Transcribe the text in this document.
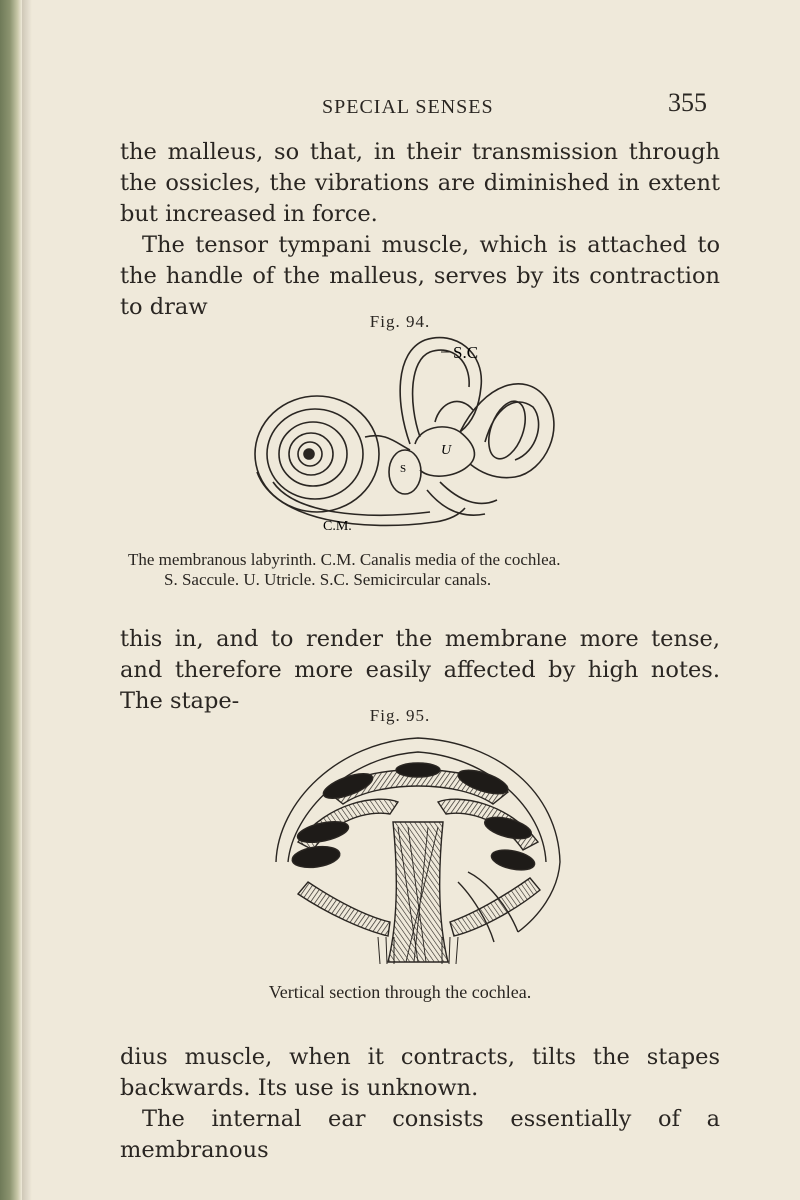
SPECIAL SENSES	355

the malleus, so that, in their transmission through the ossicles, the vibrations are diminished in extent but increased in force.

The tensor tympani muscle, which is attached to the handle of the malleus, serves by its contraction to draw

Fig. 94.
S.C
U
S
C.M.
The membranous labyrinth. C.M. Canalis media of the cochlea.
S. Saccule. U. Utricle. S.C. Semicircular canals.

this in, and to render the membrane more tense, and therefore more easily affected by high notes. The stape-

Fig. 95.
Vertical section through the cochlea.

dius muscle, when it contracts, tilts the stapes backwards. Its use is unknown.

The internal ear consists essentially of a membranous
